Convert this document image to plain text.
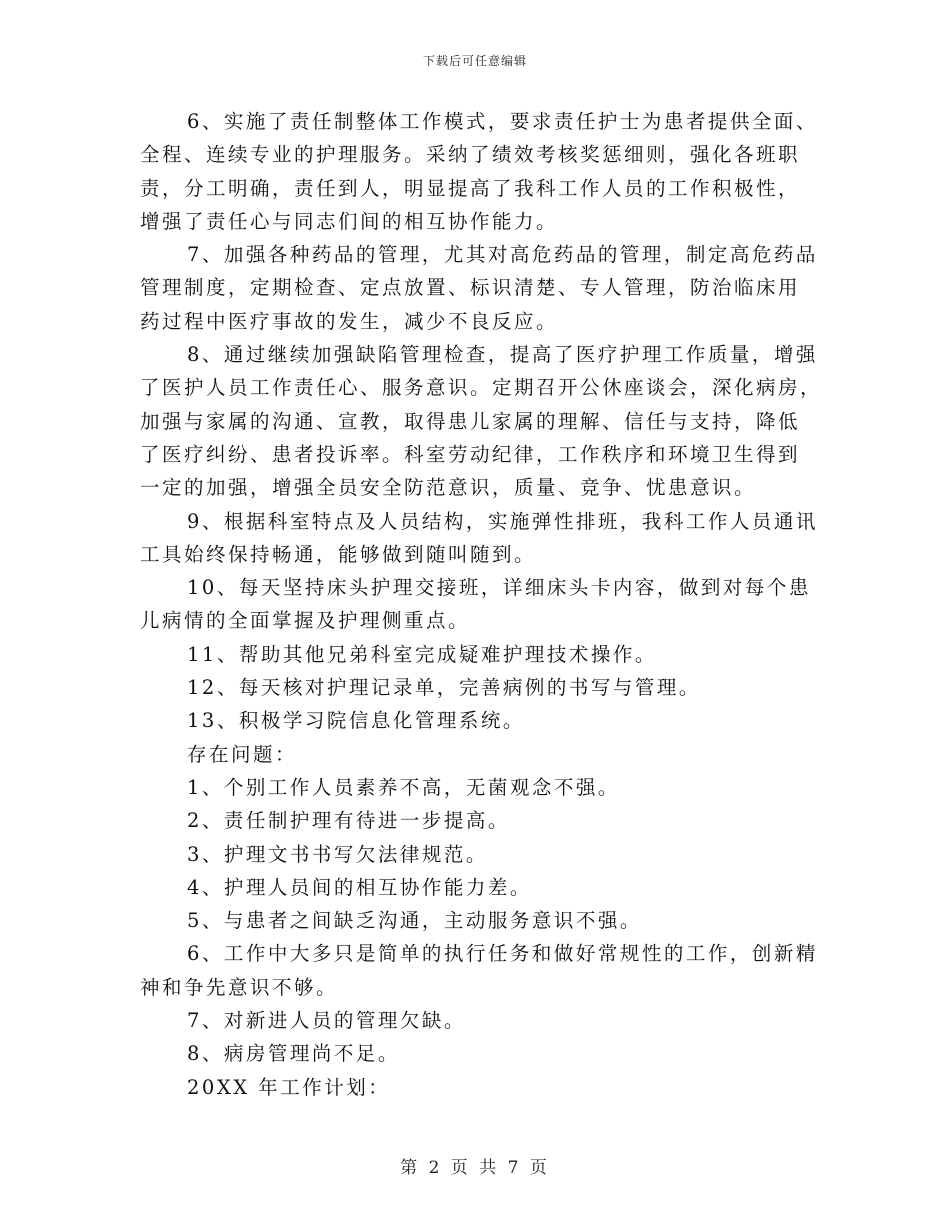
下载后可任意编辑

6、实施了责任制整体工作模式，要求责任护士为患者提供全面、
全程、连续专业的护理服务。采纳了绩效考核奖惩细则，强化各班职
责，分工明确，责任到人，明显提高了我科工作人员的工作积极性，
增强了责任心与同志们间的相互协作能力。

7、加强各种药品的管理，尤其对高危药品的管理，制定高危药品
管理制度，定期检查、定点放置、标识清楚、专人管理，防治临床用
药过程中医疗事故的发生，减少不良反应。

8、通过继续加强缺陷管理检查，提高了医疗护理工作质量，增强
了医护人员工作责任心、服务意识。定期召开公休座谈会，深化病房，
加强与家属的沟通、宣教，取得患儿家属的理解、信任与支持，降低
了医疗纠纷、患者投诉率。科室劳动纪律，工作秩序和环境卫生得到
一定的加强，增强全员安全防范意识，质量、竞争、忧患意识。

9、根据科室特点及人员结构，实施弹性排班，我科工作人员通讯
工具始终保持畅通，能够做到随叫随到。

10、每天坚持床头护理交接班，详细床头卡内容，做到对每个患
儿病情的全面掌握及护理侧重点。

11、帮助其他兄弟科室完成疑难护理技术操作。

12、每天核对护理记录单，完善病例的书写与管理。

13、积极学习院信息化管理系统。

存在问题：

1、个别工作人员素养不高，无菌观念不强。

2、责任制护理有待进一步提高。

3、护理文书书写欠法律规范。

4、护理人员间的相互协作能力差。

5、与患者之间缺乏沟通，主动服务意识不强。

6、工作中大多只是简单的执行任务和做好常规性的工作，创新精
神和争先意识不够。

7、对新进人员的管理欠缺。

8、病房管理尚不足。

20XX 年工作计划：

第 2 页 共 7 页
